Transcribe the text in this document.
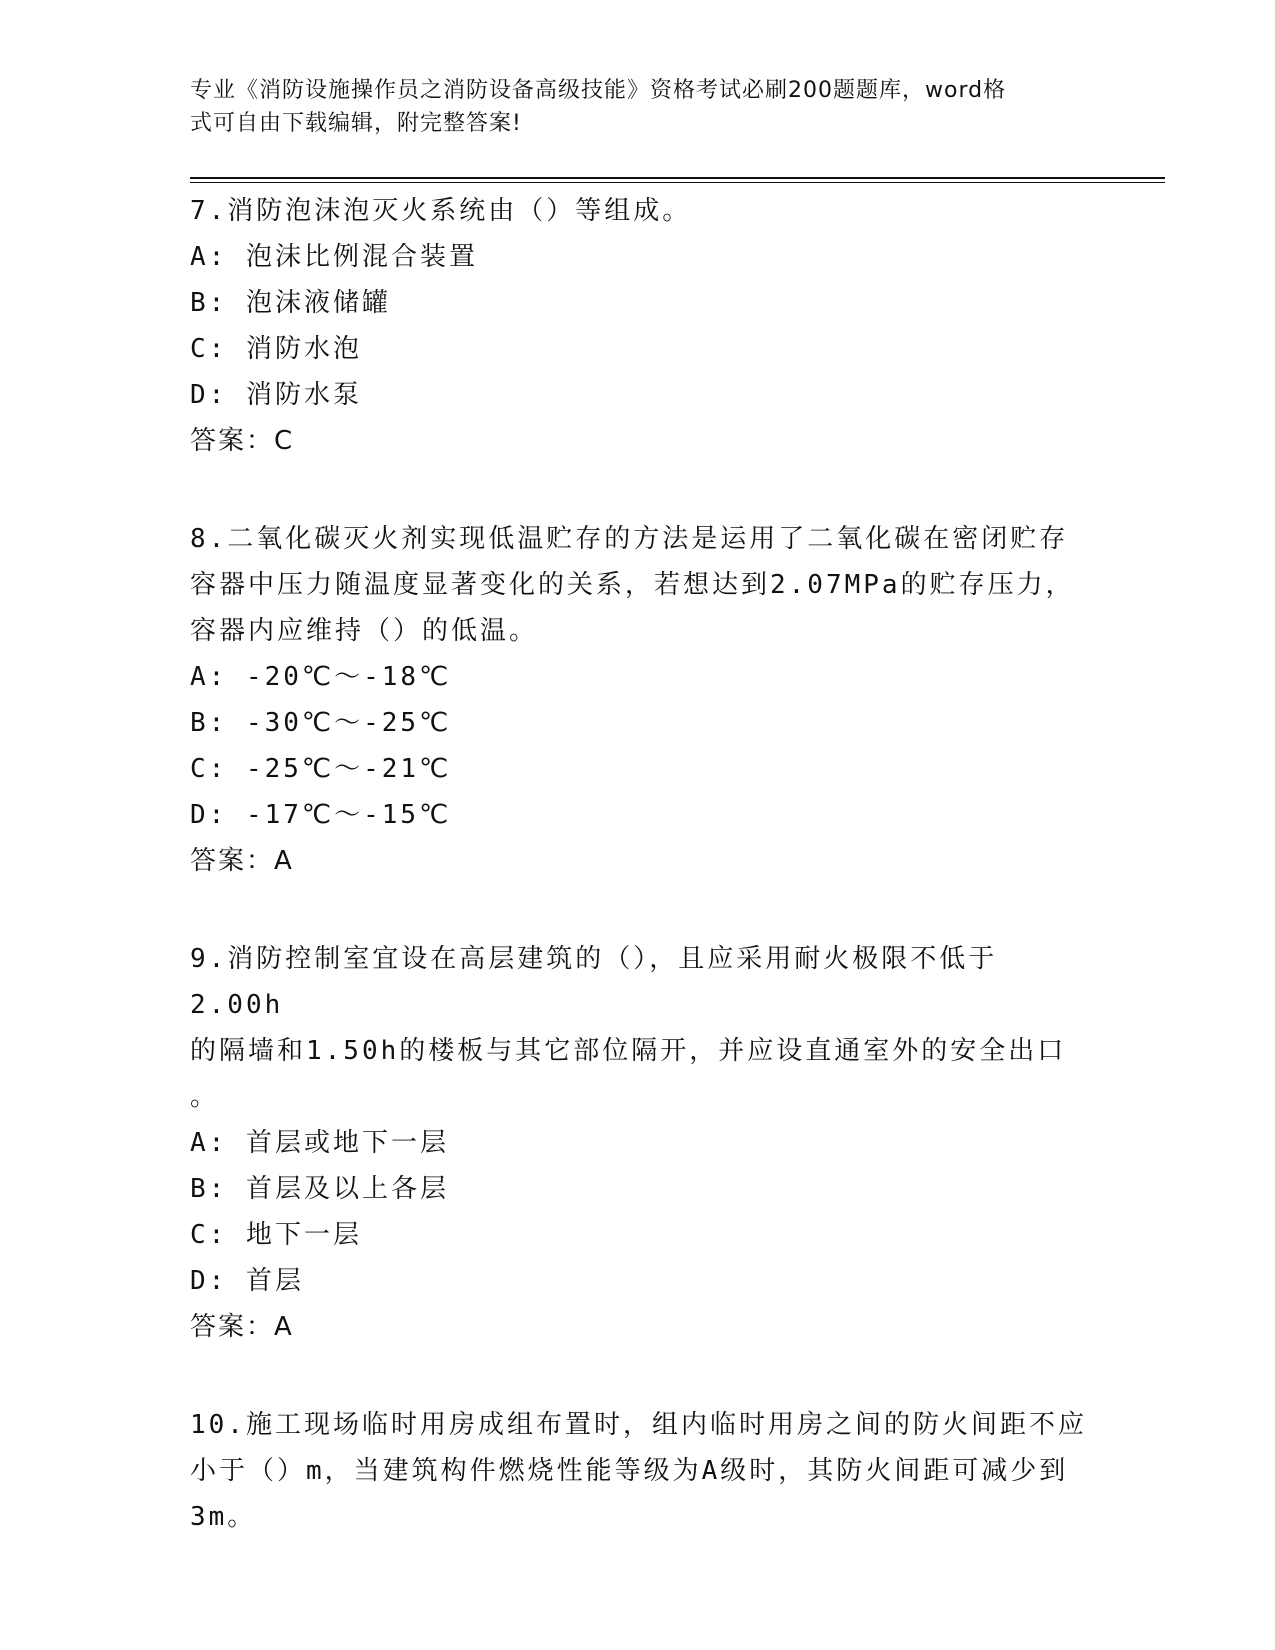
专业《消防设施操作员之消防设备高级技能》资格考试必刷200题题库，word格
式可自由下载编辑，附完整答案!

7.消防泡沫泡灭火系统由（）等组成。

A: 泡沫比例混合装置

B: 泡沫液储罐

C: 消防水泡

D: 消防水泵

答案：C

8.二氧化碳灭火剂实现低温贮存的方法是运用了二氧化碳在密闭贮存
容器中压力随温度显著变化的关系，若想达到2.07MPa的贮存压力，
容器内应维持（）的低温。

A: -20℃～-18℃

B: -30℃～-25℃

C: -25℃～-21℃

D: -17℃～-15℃

答案：A

9.消防控制室宜设在高层建筑的（），且应采用耐火极限不低于2.00h
的隔墙和1.50h的楼板与其它部位隔开，并应设直通室外的安全出口
。

A: 首层或地下一层

B: 首层及以上各层

C: 地下一层

D: 首层

答案：A

10.施工现场临时用房成组布置时，组内临时用房之间的防火间距不应
小于（）m，当建筑构件燃烧性能等级为A级时，其防火间距可减少到
3m。
